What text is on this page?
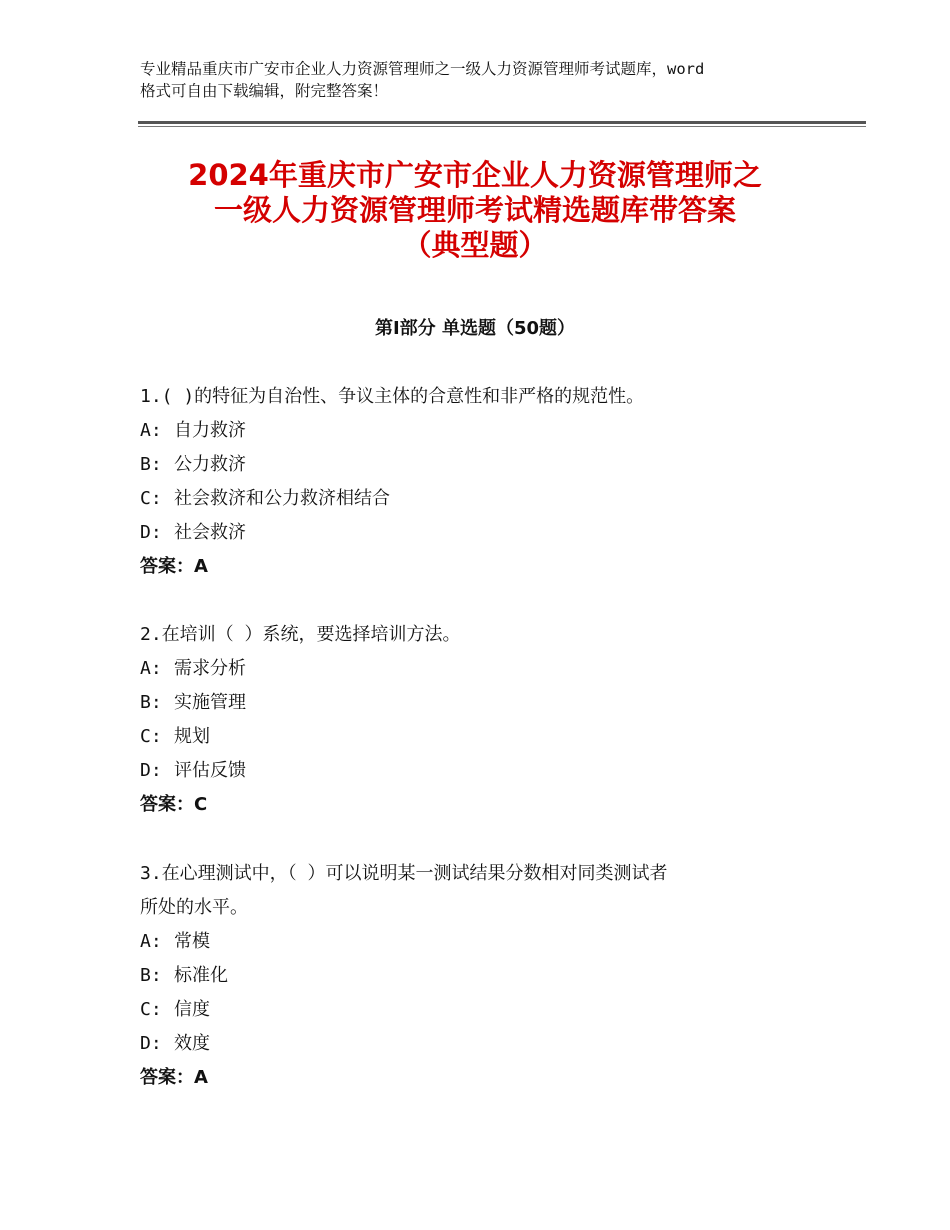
专业精品重庆市广安市企业人力资源管理师之一级人力资源管理师考试题库，word
格式可自由下载编辑，附完整答案！
2024年重庆市广安市企业人力资源管理师之
一级人力资源管理师考试精选题库带答案
（典型题）
第Ⅰ部分 单选题（50题）
1.( )的特征为自治性、争议主体的合意性和非严格的规范性。
A: 自力救济
B: 公力救济
C: 社会救济和公力救济相结合
D: 社会救济
答案：A
2.在培训（ ）系统，要选择培训方法。
A: 需求分析
B: 实施管理
C: 规划
D: 评估反馈
答案：C
3.在心理测试中，（ ）可以说明某一测试结果分数相对同类测试者
所处的水平。
A: 常模
B: 标准化
C: 信度
D: 效度
答案：A
